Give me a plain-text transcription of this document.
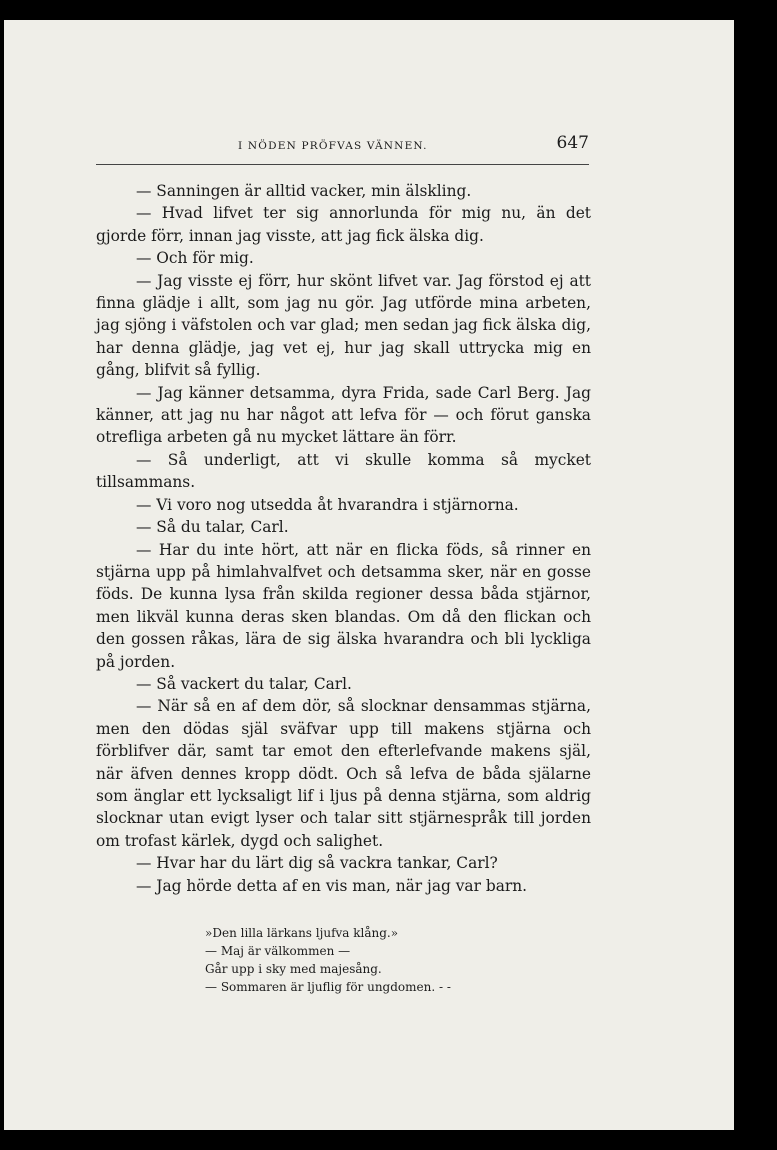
I NÖDEN PRÖFVAS VÄNNEN.	647

— Sanningen är alltid vacker, min älskling.

— Hvad lifvet ter sig annorlunda för mig nu, än det gjorde förr, innan jag visste, att jag fick älska dig.

— Och för mig.

— Jag visste ej förr, hur skönt lifvet var. Jag förstod ej att finna glädje i allt, som jag nu gör. Jag utförde mina arbeten, jag sjöng i väfstolen och var glad; men sedan jag fick älska dig, har denna glädje, jag vet ej, hur jag skall uttrycka mig en gång, blifvit så fyllig.

— Jag känner detsamma, dyra Frida, sade Carl Berg. Jag känner, att jag nu har något att lefva för — och förut ganska otrefliga arbeten gå nu mycket lättare än förr.

— Så underligt, att vi skulle komma så mycket tillsammans.

— Vi voro nog utsedda åt hvarandra i stjärnorna.

— Så du talar, Carl.

— Har du inte hört, att när en flicka föds, så rinner en stjärna upp på himlahvalfvet och detsamma sker, när en gosse föds. De kunna lysa från skilda regioner dessa båda stjärnor, men likväl kunna deras sken blandas. Om då den flickan och den gossen råkas, lära de sig älska hvarandra och bli lyckliga på jorden.

— Så vackert du talar, Carl.

— När så en af dem dör, så slocknar densammas stjärna, men den dödas själ sväfvar upp till makens stjärna och förblifver där, samt tar emot den efterlefvande makens själ, när äfven dennes kropp dödt. Och så lefva de båda själarne som änglar ett lycksaligt lif i ljus på denna stjärna, som aldrig slocknar utan evigt lyser och talar sitt stjärnespråk till jorden om trofast kärlek, dygd och salighet.

— Hvar har du lärt dig så vackra tankar, Carl?

— Jag hörde detta af en vis man, när jag var barn.

»Den lilla lärkans ljufva klång.»
— Maj är välkommen —
Går upp i sky med majesång.
— Sommaren är ljuflig för ungdomen. - -
